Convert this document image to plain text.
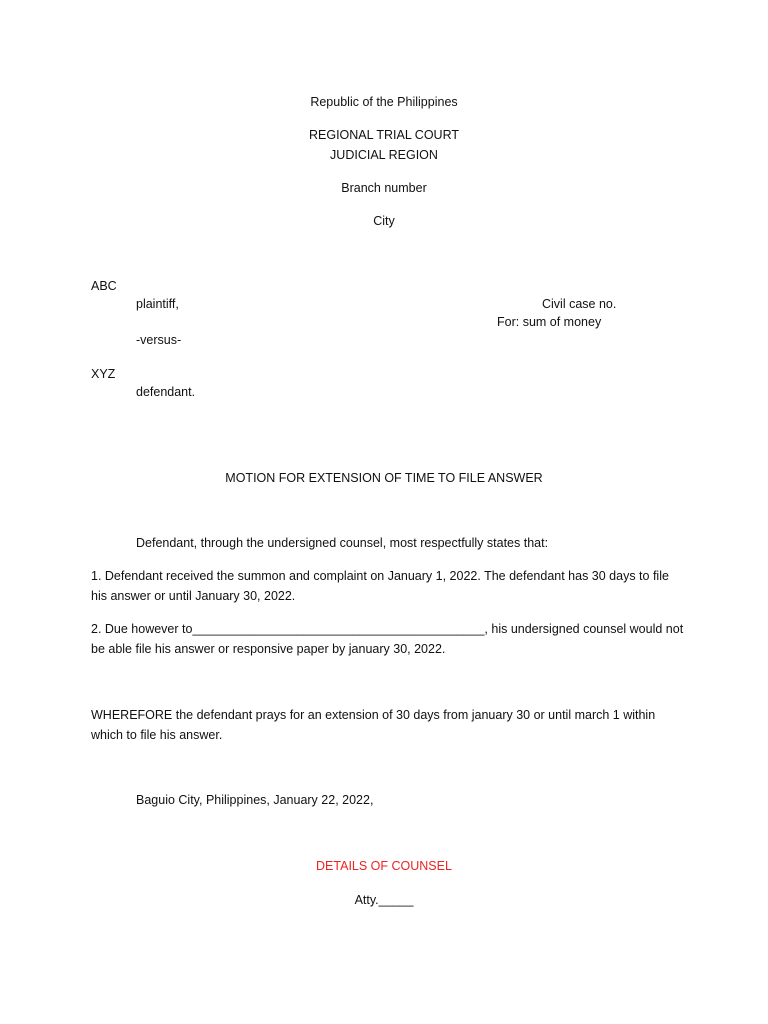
Republic of the Philippines
REGIONAL TRIAL COURT
JUDICIAL REGION
Branch number
City
ABC
plaintiff,	Civil case no.
For: sum of money
-versus-
XYZ
defendant.
MOTION FOR EXTENSION OF TIME TO FILE ANSWER
Defendant, through the undersigned counsel, most respectfully states that:
1. Defendant received the summon and complaint on January 1, 2022. The defendant has 30 days to file
his answer or until January 30, 2022.
2. Due however to__________________________________________, his undersigned counsel would not
be able file his answer or responsive paper by january 30, 2022.
WHEREFORE the defendant prays for an extension of 30 days from january 30 or until march 1 within
which to file his answer.
Baguio City, Philippines, January 22, 2022,
DETAILS OF COUNSEL
Atty._____
